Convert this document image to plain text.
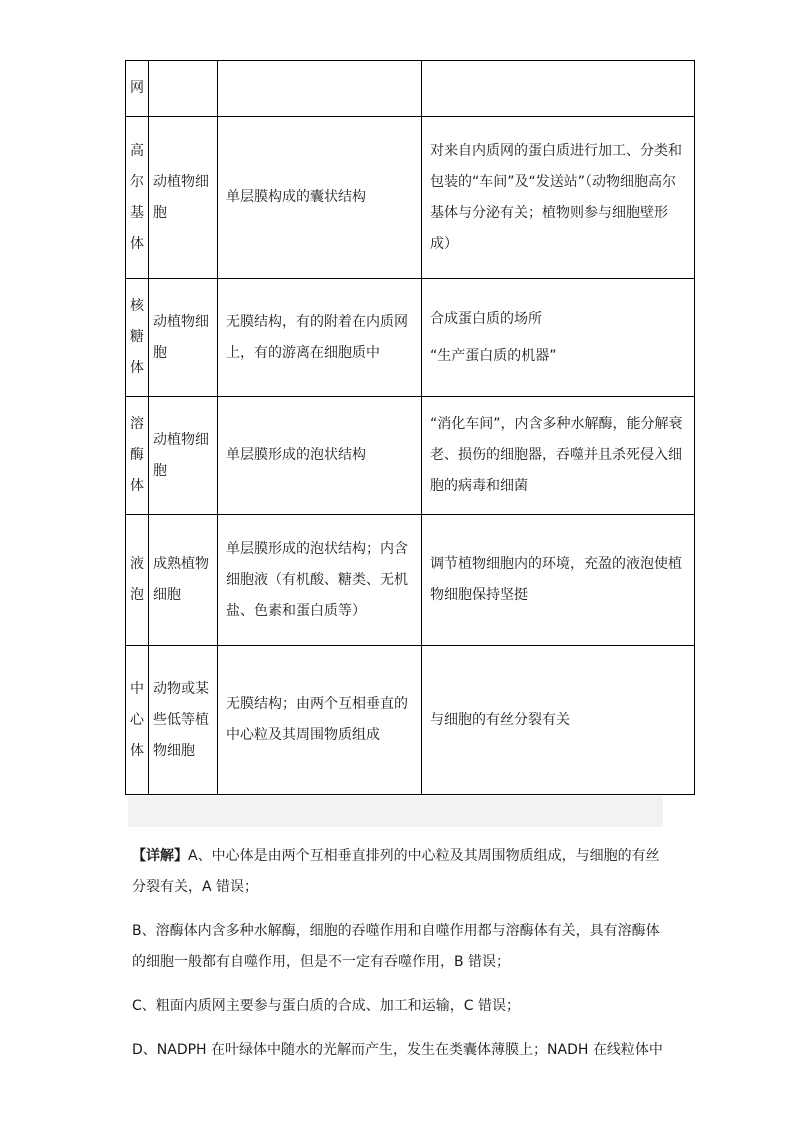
网			

高尔基体	动植物细胞	单层膜构成的囊状结构	对来自内质网的蛋白质进行加工、分类和包装的“车间”及“发送站”（动物细胞高尔基体与分泌有关；植物则参与细胞壁形成）

核糖体	动植物细胞	无膜结构，有的附着在内质网上，有的游离在细胞质中	合成蛋白质的场所
“生产蛋白质的机器”

溶酶体	动植物细胞	单层膜形成的泡状结构	“消化车间”，内含多种水解酶，能分解衰老、损伤的细胞器，吞噬并且杀死侵入细胞的病毒和细菌

液泡	成熟植物细胞	单层膜形成的泡状结构；内含细胞液（有机酸、糖类、无机盐、色素和蛋白质等）	调节植物细胞内的环境，充盈的液泡使植物细胞保持坚挺

中心体	动物或某些低等植物细胞	无膜结构；由两个互相垂直的中心粒及其周围物质组成	与细胞的有丝分裂有关

【详解】A、中心体是由两个互相垂直排列的中心粒及其周围物质组成，与细胞的有丝分裂有关，A 错误；

B、溶酶体内含多种水解酶，细胞的吞噬作用和自噬作用都与溶酶体有关，具有溶酶体的细胞一般都有自噬作用，但是不一定有吞噬作用，B 错误；

C、粗面内质网主要参与蛋白质的合成、加工和运输，C 错误；

D、NADPH 在叶绿体中随水的光解而产生，发生在类囊体薄膜上；NADH 在线粒体中
